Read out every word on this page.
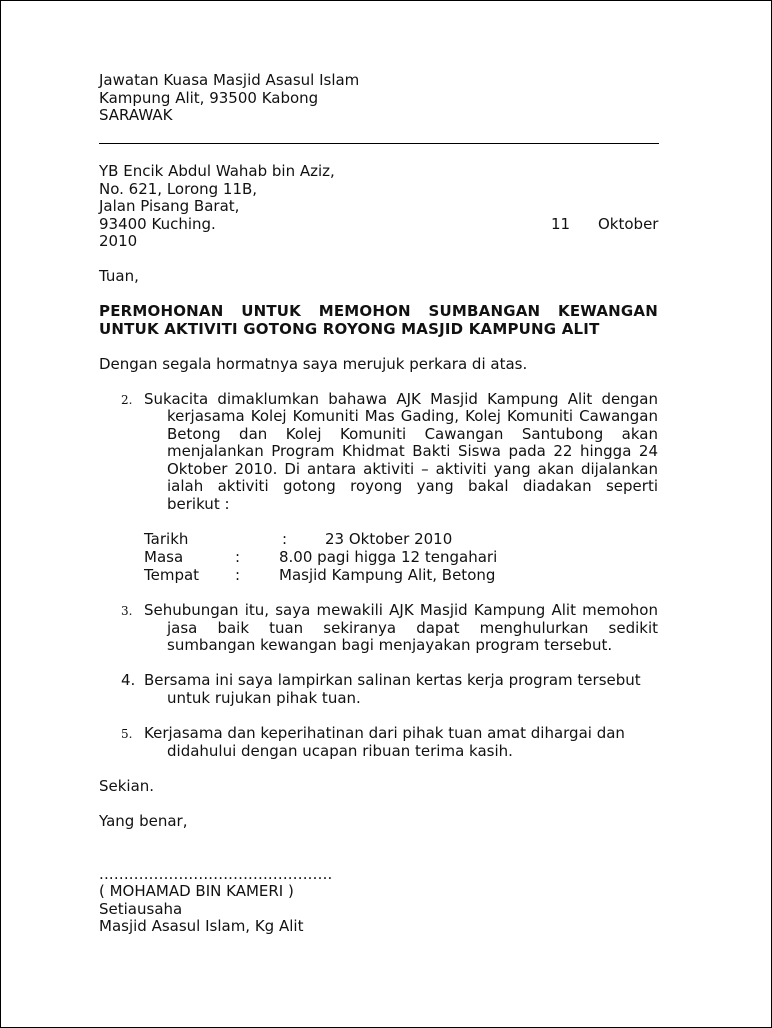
Jawatan Kuasa Masjid Asasul Islam
Kampung Alit, 93500 Kabong
SARAWAK
YB Encik Abdul Wahab bin Aziz,
No. 621, Lorong 11B,
Jalan Pisang Barat,
93400 Kuching.	11 Oktober
2010
Tuan,
PERMOHONAN UNTUK MEMOHON SUMBANGAN KEWANGAN
UNTUK AKTIVITI GOTONG ROYONG MASJID KAMPUNG ALIT
Dengan segala hormatnya saya merujuk perkara di atas.
2. Sukacita dimaklumkan bahawa AJK Masjid Kampung Alit dengan
kerjasama Kolej Komuniti Mas Gading, Kolej Komuniti Cawangan
Betong dan Kolej Komuniti Cawangan Santubong akan
menjalankan Program Khidmat Bakti Siswa pada 22 hingga 24
Oktober 2010. Di antara aktiviti – aktiviti yang akan dijalankan
ialah aktiviti gotong royong yang bakal diadakan seperti
berikut :
Tarikh	:	23 Oktober 2010
Masa	:	8.00 pagi higga 12 tengahari
Tempat :	Masjid Kampung Alit, Betong
3. Sehubungan itu, saya mewakili AJK Masjid Kampung Alit memohon
jasa baik tuan sekiranya dapat menghulurkan sedikit
sumbangan kewangan bagi menjayakan program tersebut.
4. Bersama ini saya lampirkan salinan kertas kerja program tersebut
untuk rujukan pihak tuan.
5. Kerjasama dan keperihatinan dari pihak tuan amat dihargai dan
didahului dengan ucapan ribuan terima kasih.
Sekian.
Yang benar,
...............................................
( MOHAMAD BIN KAMERI )
Setiausaha
Masjid Asasul Islam, Kg Alit
